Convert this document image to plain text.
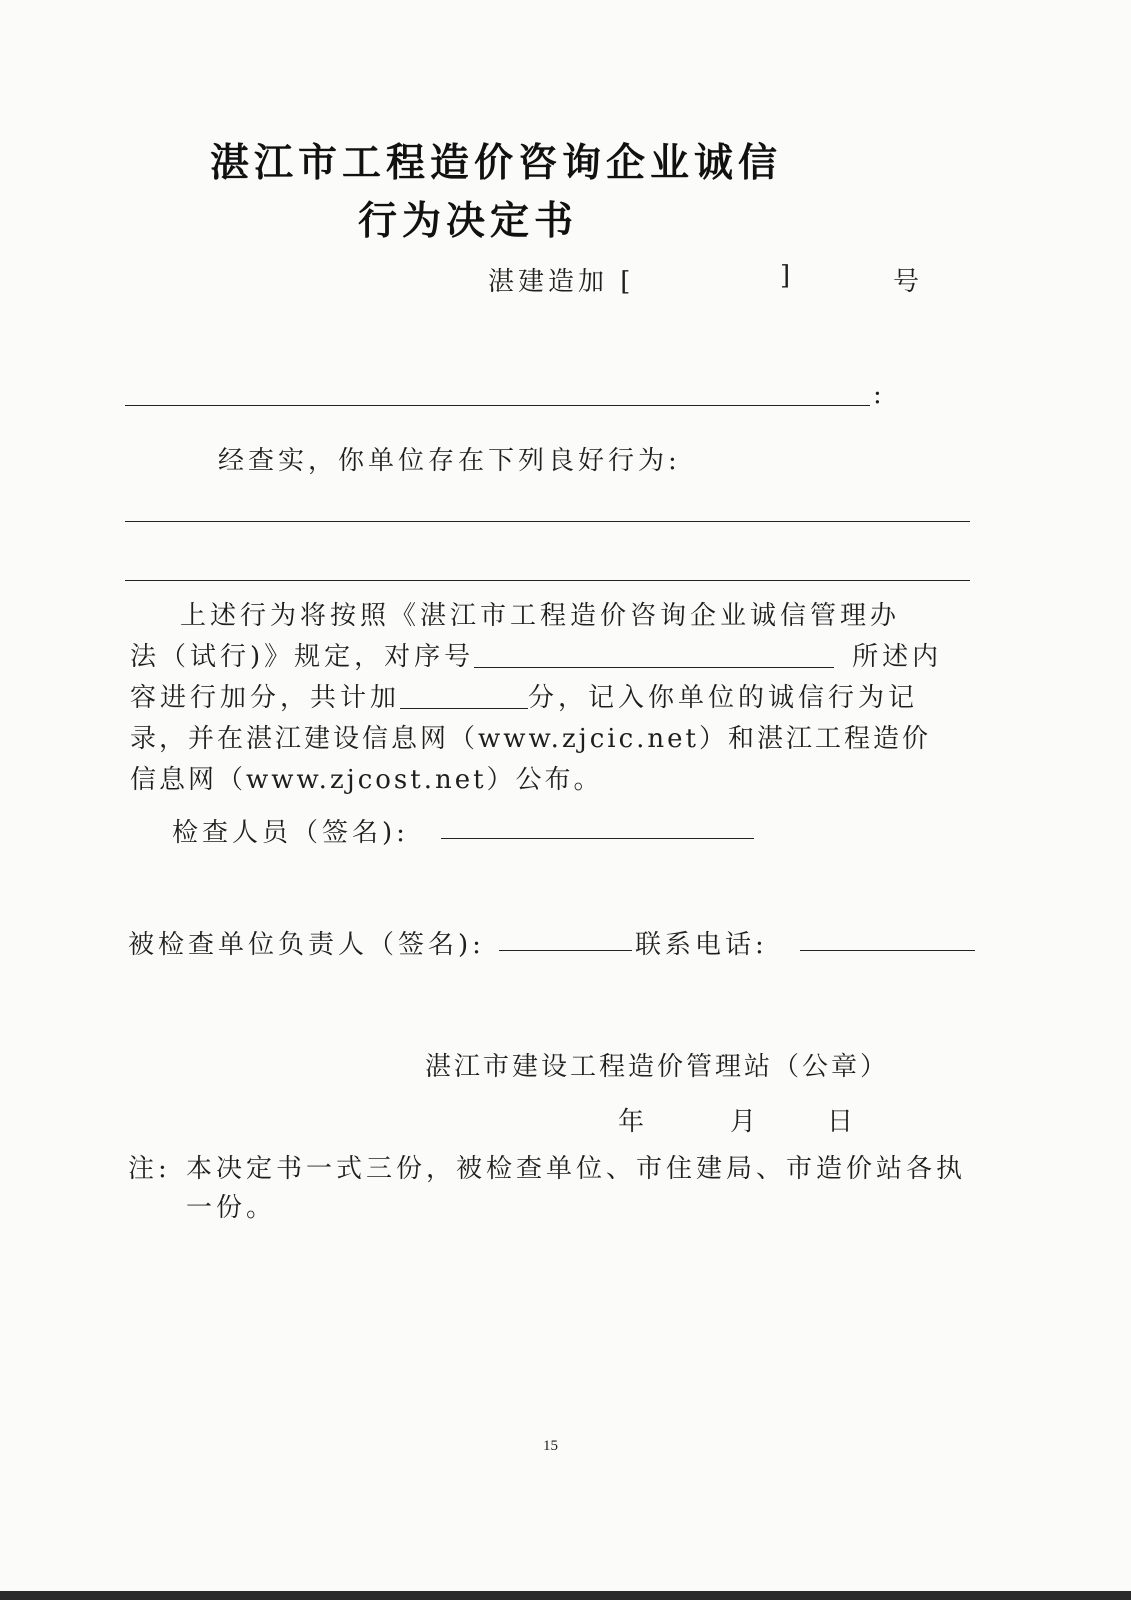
湛江市工程造价咨询企业诚信
行为决定书
湛建造加 [	]	号
:
经查实，你单位存在下列良好行为:
上述行为将按照《湛江市工程造价咨询企业诚信管理办
法（试行)》规定，对序号	所述内
容进行加分，共计加	分，记入你单位的诚信行为记
录，并在湛江建设信息网（www.zjcic.net）和湛江工程造价
信息网（www.zjcost.net）公布。
检查人员（签名):
被检查单位负责人（签名):	联系电话:
湛江市建设工程造价管理站（公章）
年	月	日
注: 本决定书一式三份，被检查单位、市住建局、市造价站各执
一份。
15
